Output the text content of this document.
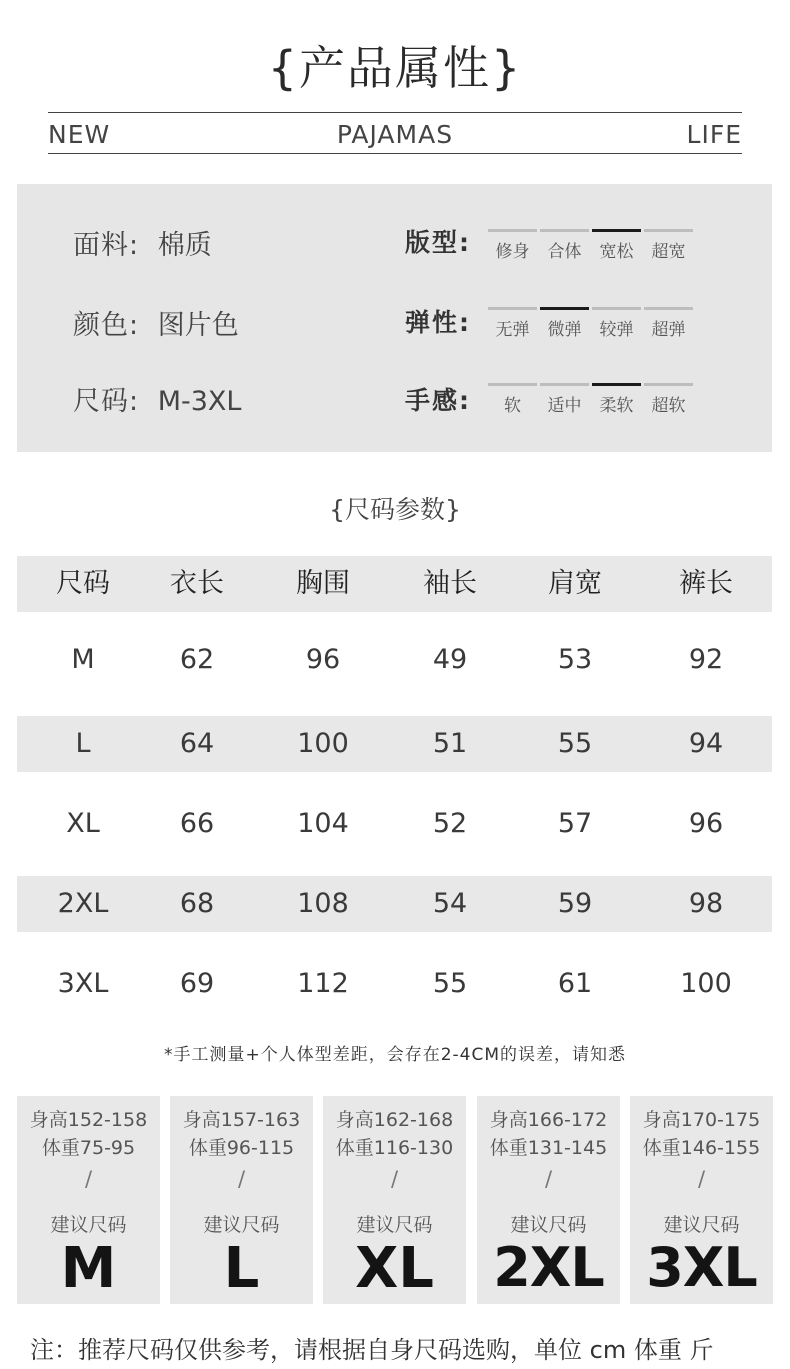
{产品属性}
NEW	PAJAMAS	LIFE
面料: 棉质
颜色: 图片色
尺码: M-3XL
版型:	修身	合体	宽松	超宽
弹性:	无弹	微弹	较弹	超弹
手感:	软	适中	柔软	超软
{尺码参数}
尺码	衣长	胸围	袖长	肩宽	裤长
M	62	96	49	53	92
L	64	100	51	55	94
XL	66	104	52	57	96
2XL	68	108	54	59	98
3XL	69	112	55	61	100
*手工测量+个人体型差距，会存在2-4CM的误差，请知悉
身高152-158
体重75-95
/
建议尺码
M
身高157-163
体重96-115
/
建议尺码
L
身高162-168
体重116-130
/
建议尺码
XL
身高166-172
体重131-145
/
建议尺码
2XL
身高170-175
体重146-155
/
建议尺码
3XL
注：推荐尺码仅供参考，请根据自身尺码选购，单位 cm 体重 斤
